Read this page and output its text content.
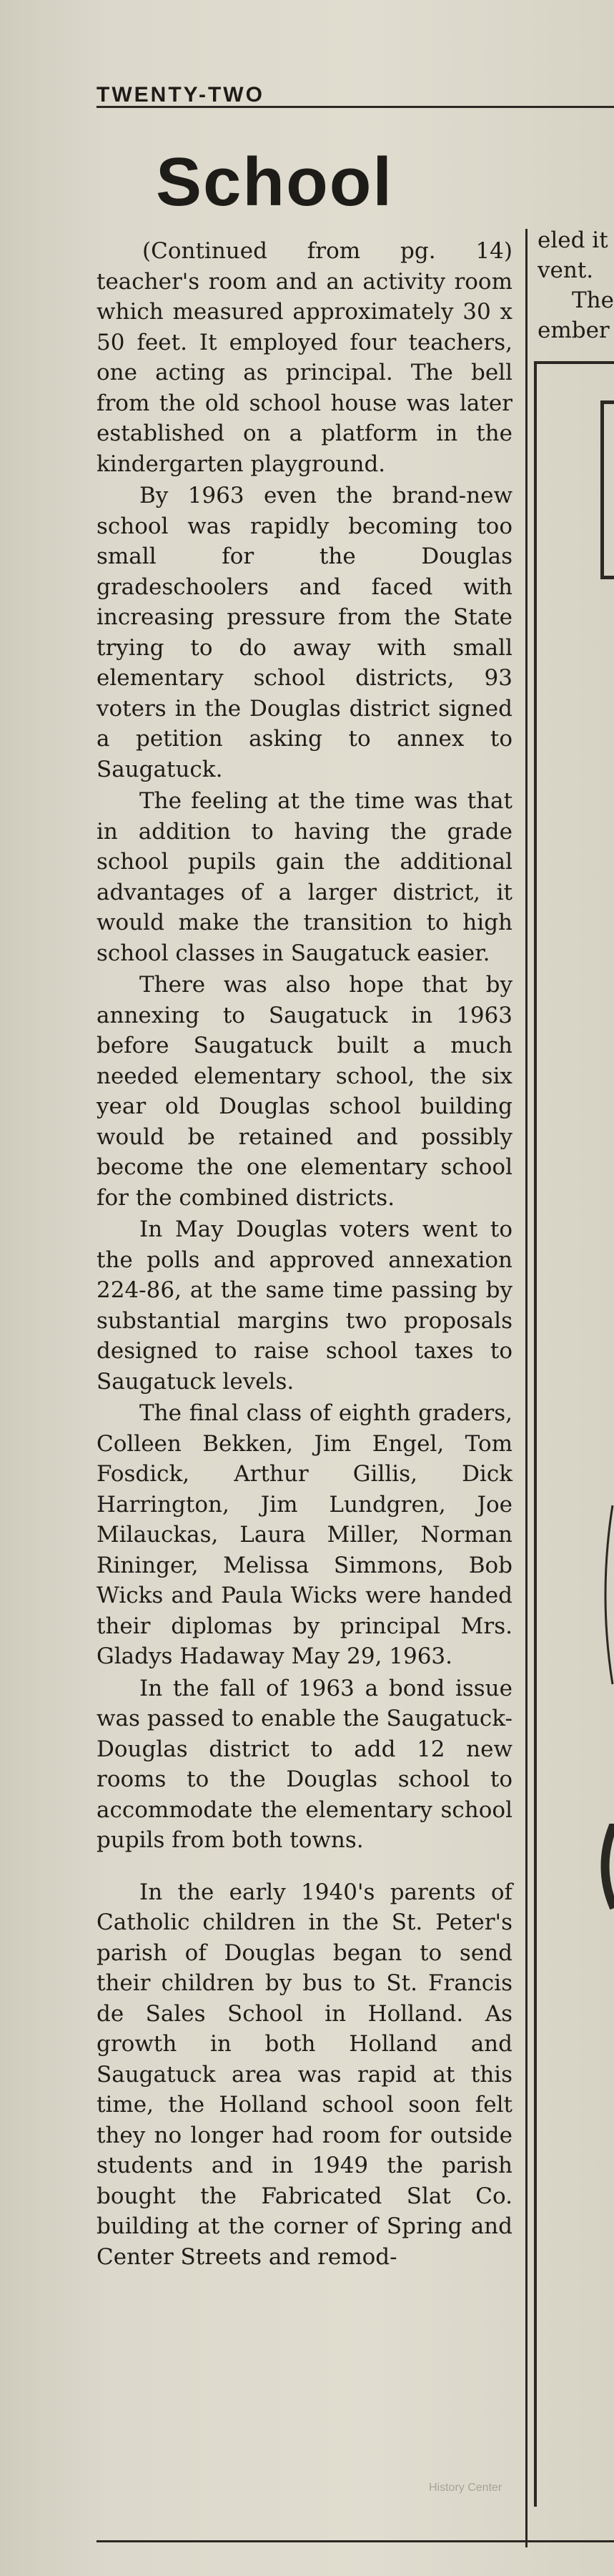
TWENTY-TWO
School

(Continued from pg. 14) teacher's room and an activity room which measured approximately 30 x 50 feet. It employed four teachers, one acting as principal. The bell from the old school house was later established on a platform in the kindergarten playground.

By 1963 even the brand-new school was rapidly becoming too small for the Douglas gradeschoolers and faced with increasing pressure from the State trying to do away with small elementary school districts, 93 voters in the Douglas district signed a petition asking to annex to Saugatuck.

The feeling at the time was that in addition to having the grade school pupils gain the additional advantages of a larger district, it would make the transition to high school classes in Saugatuck easier.

There was also hope that by annexing to Saugatuck in 1963 before Saugatuck built a much needed elementary school, the six year old Douglas school building would be retained and possibly become the one elementary school for the combined districts.

In May Douglas voters went to the polls and approved annexation 224-86, at the same time passing by substantial margins two proposals designed to raise school taxes to Saugatuck levels.

The final class of eighth graders, Colleen Bekken, Jim Engel, Tom Fosdick, Arthur Gillis, Dick Harrington, Jim Lundgren, Joe Milauckas, Laura Miller, Norman Rininger, Melissa Simmons, Bob Wicks and Paula Wicks were handed their diplomas by principal Mrs. Gladys Hadaway May 29, 1963.

In the fall of 1963 a bond issue was passed to enable the Saugatuck-Douglas district to add 12 new rooms to the Douglas school to accommodate the elementary school pupils from both towns.

In the early 1940's parents of Catholic children in the St. Peter's parish of Douglas began to send their children by bus to St. Francis de Sales School in Holland. As growth in both Holland and Saugatuck area was rapid at this time, the Holland school soon felt they no longer had room for outside students and in 1949 the parish bought the Fabricated Slat Co. building at the corner of Spring and Center Streets and remod-

eled it
vent.
The
ember
History Center
